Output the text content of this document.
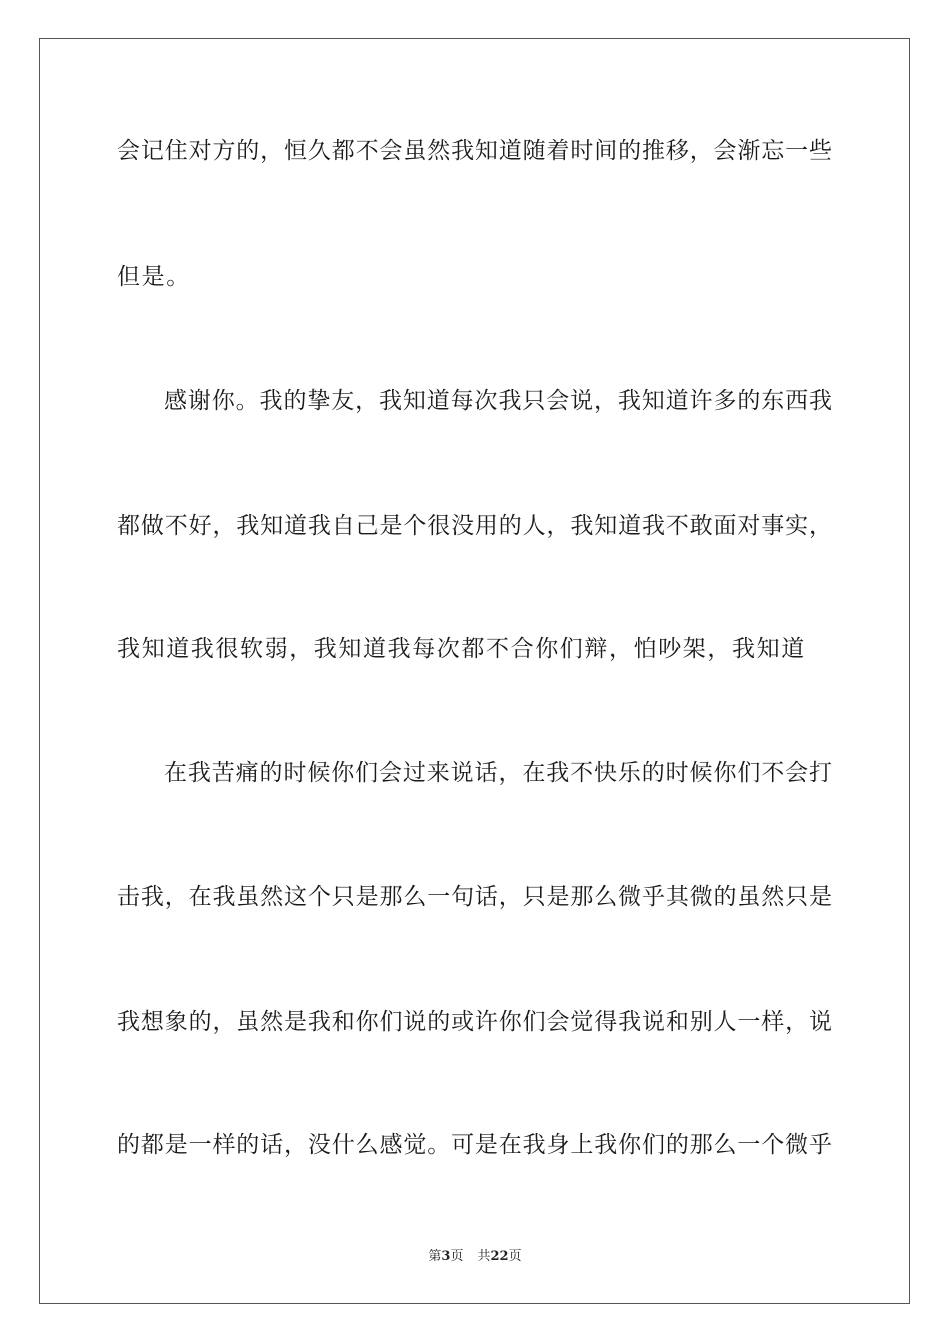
会记住对方的，恒久都不会虽然我知道随着时间的推移，会渐忘一些
但是。
感谢你。我的挚友，我知道每次我只会说，我知道许多的东西我
都做不好，我知道我自己是个很没用的人，我知道我不敢面对事实，
我知道我很软弱，我知道我每次都不合你们辩，怕吵架，我知道
在我苦痛的时候你们会过来说话，在我不快乐的时候你们不会打
击我，在我虽然这个只是那么一句话，只是那么微乎其微的虽然只是
我想象的，虽然是我和你们说的或许你们会觉得我说和别人一样，说
的都是一样的话，没什么感觉。可是在我身上我你们的那么一个微乎
第3页 共22页
